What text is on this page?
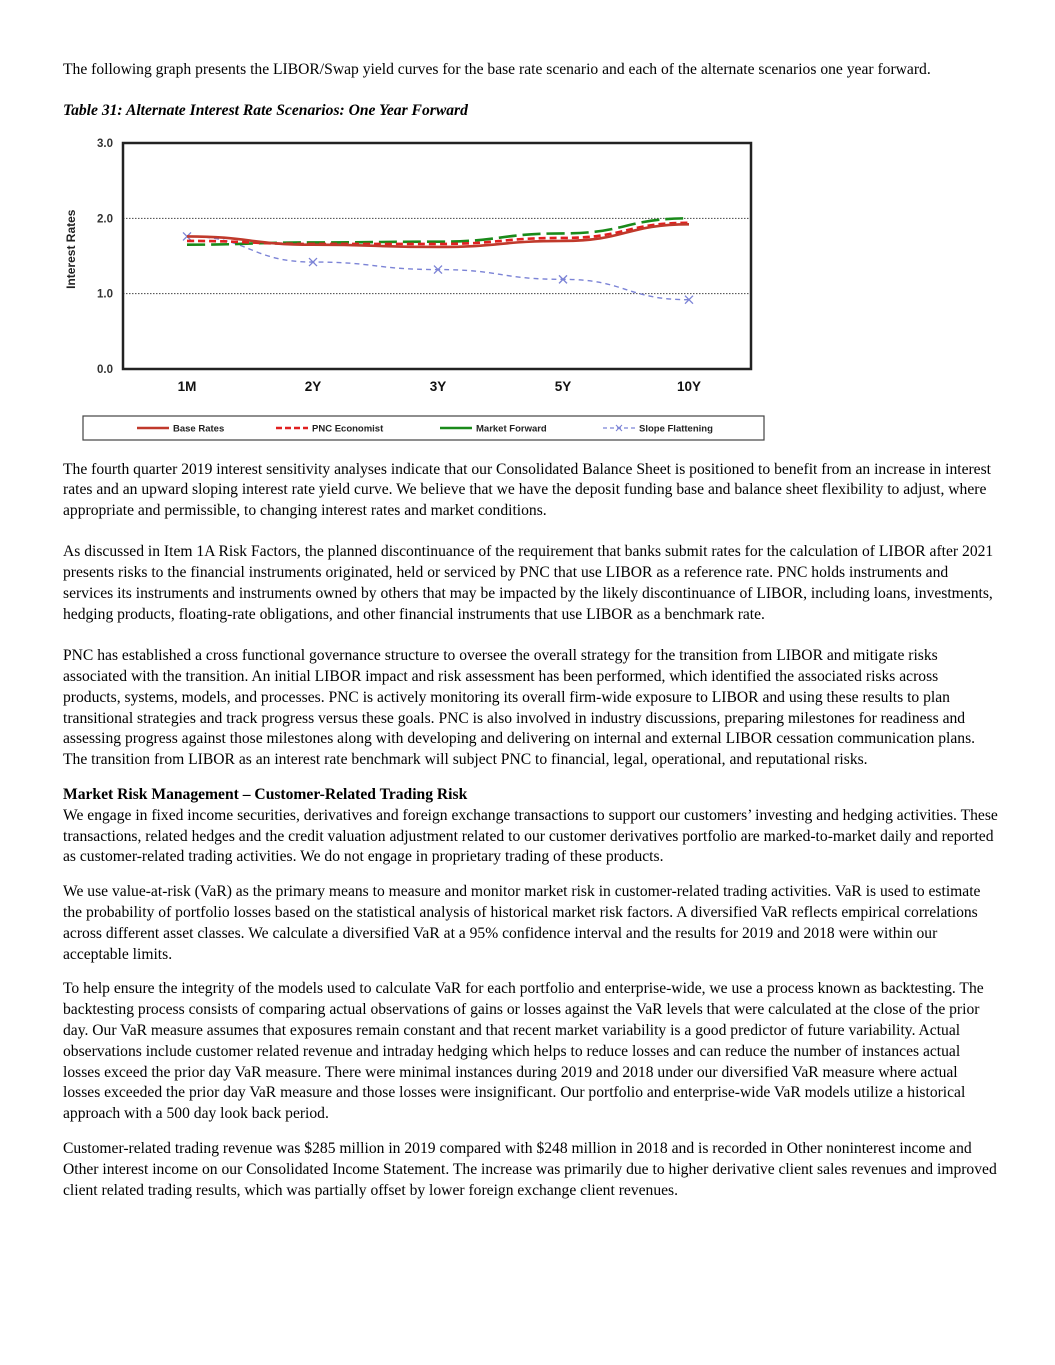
The following graph presents the LIBOR/Swap yield curves for the base rate scenario and each of the alternate scenarios one year forward.

Table 31: Alternate Interest Rate Scenarios: One Year Forward

0.0
1.0
2.0
3.0
1M	2Y	3Y	5Y	10Y
Interest Rates
Base Rates	PNC Economist	Market Forward	Slope Flattening

The fourth quarter 2019 interest sensitivity analyses indicate that our Consolidated Balance Sheet is positioned to benefit from an increase in interest rates and an upward sloping interest rate yield curve. We believe that we have the deposit funding base and balance sheet flexibility to adjust, where appropriate and permissible, to changing interest rates and market conditions.

As discussed in Item 1A Risk Factors, the planned discontinuance of the requirement that banks submit rates for the calculation of LIBOR after 2021 presents risks to the financial instruments originated, held or serviced by PNC that use LIBOR as a reference rate. PNC holds instruments and services its instruments and instruments owned by others that may be impacted by the likely discontinuance of LIBOR, including loans, investments, hedging products, floating-rate obligations, and other financial instruments that use LIBOR as a benchmark rate.

PNC has established a cross functional governance structure to oversee the overall strategy for the transition from LIBOR and mitigate risks associated with the transition. An initial LIBOR impact and risk assessment has been performed, which identified the associated risks across products, systems, models, and processes. PNC is actively monitoring its overall firm-wide exposure to LIBOR and using these results to plan transitional strategies and track progress versus these goals. PNC is also involved in industry discussions, preparing milestones for readiness and assessing progress against those milestones along with developing and delivering on internal and external LIBOR cessation communication plans. The transition from LIBOR as an interest rate benchmark will subject PNC to financial, legal, operational, and reputational risks.

Market Risk Management – Customer-Related Trading Risk

We engage in fixed income securities, derivatives and foreign exchange transactions to support our customers’ investing and hedging activities. These transactions, related hedges and the credit valuation adjustment related to our customer derivatives portfolio are marked-to-market daily and reported as customer-related trading activities. We do not engage in proprietary trading of these products.

We use value-at-risk (VaR) as the primary means to measure and monitor market risk in customer-related trading activities. VaR is used to estimate the probability of portfolio losses based on the statistical analysis of historical market risk factors. A diversified VaR reflects empirical correlations across different asset classes. We calculate a diversified VaR at a 95% confidence interval and the results for 2019 and 2018 were within our acceptable limits.

To help ensure the integrity of the models used to calculate VaR for each portfolio and enterprise-wide, we use a process known as backtesting. The backtesting process consists of comparing actual observations of gains or losses against the VaR levels that were calculated at the close of the prior day. Our VaR measure assumes that exposures remain constant and that recent market variability is a good predictor of future variability. Actual observations include customer related revenue and intraday hedging which helps to reduce losses and can reduce the number of instances actual losses exceed the prior day VaR measure. There were minimal instances during 2019 and 2018 under our diversified VaR measure where actual losses exceeded the prior day VaR measure and those losses were insignificant. Our portfolio and enterprise-wide VaR models utilize a historical approach with a 500 day look back period.

Customer-related trading revenue was $285 million in 2019 compared with $248 million in 2018 and is recorded in Other noninterest income and Other interest income on our Consolidated Income Statement. The increase was primarily due to higher derivative client sales revenues and improved client related trading results, which was partially offset by lower foreign exchange client revenues.
